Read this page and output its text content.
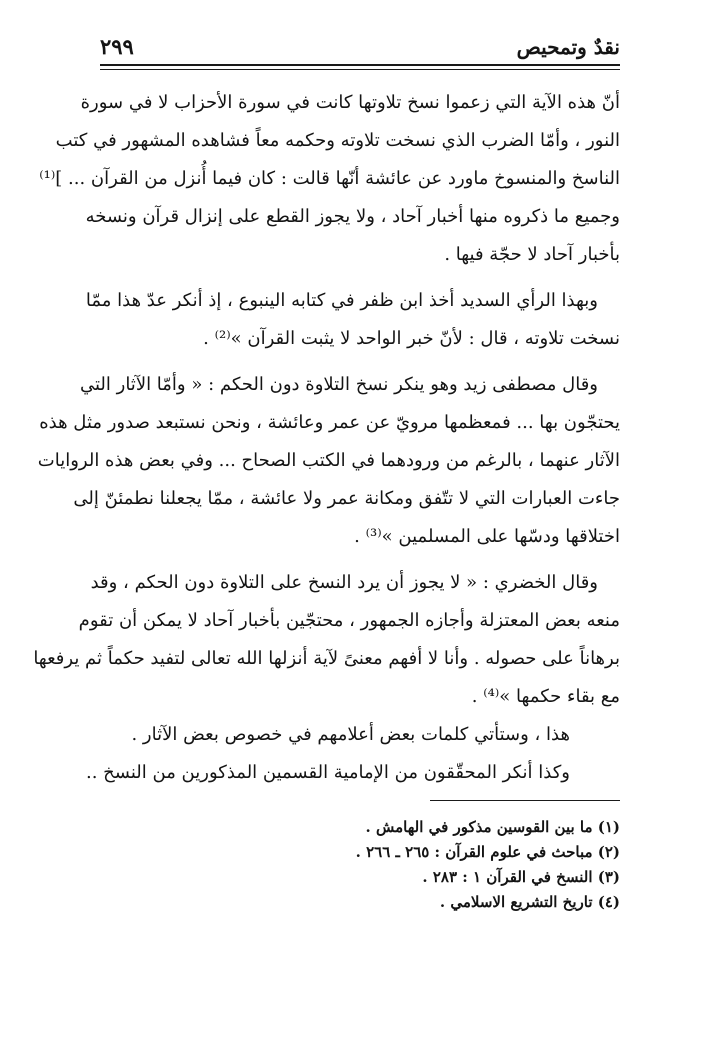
نقدٌ وتمحيص
٢٩٩
أنّ هذه الآية التي زعموا نسخ تلاوتها كانت في سورة الأحزاب لا في سورة
النور ، وأمّا الضرب الذي نسخت تلاوته وحكمه معاً فشاهده المشهور في كتب
الناسخ والمنسوخ ماورد عن عائشة أنّها قالت : كان فيما أُنزل من القرآن ... ]⁽¹⁾
وجميع ما ذكروه منها أخبار آحاد ، ولا يجوز القطع على إنزال قرآن ونسخه
بأخبار آحاد لا حجّة فيها .
وبهذا الرأي السديد أخذ ابن ظفر في كتابه الينبوع ، إذ أنكر عدّ هذا ممّا
نسخت تلاوته ، قال : لأنّ خبر الواحد لا يثبت القرآن »⁽²⁾ .
وقال مصطفى زيد وهو ينكر نسخ التلاوة دون الحكم : « وأمّا الآثار التي
يحتجّون بها ... فمعظمها مرويّ عن عمر وعائشة ، ونحن نستبعد صدور مثل هذه
الآثار عنهما ، بالرغم من ورودهما في الكتب الصحاح ... وفي بعض هذه الروايات
جاءت العبارات التي لا تتّفق ومكانة عمر ولا عائشة ، ممّا يجعلنا نطمئنّ إلى
اختلاقها ودسّها على المسلمين »⁽³⁾ .
وقال الخضري : « لا يجوز أن يرد النسخ على التلاوة دون الحكم ، وقد
منعه بعض المعتزلة وأجازه الجمهور ، محتجّين بأخبار آحاد لا يمكن أن تقوم
برهاناً على حصوله . وأنا لا أفهم معنىً لآية أنزلها الله تعالى لتفيد حكماً ثم يرفعها
مع بقاء حكمها »⁽⁴⁾ .
هذا ، وستأتي كلمات بعض أعلامهم في خصوص بعض الآثار .
وكذا أنكر المحقّقون من الإمامية القسمين المذكورين من النسخ ..
(١) ما بين القوسين مذكور في الهامش .
(٢) مباحث في علوم القرآن : ٢٦٥ ـ ٢٦٦ .
(٣) النسخ في القرآن ١ : ٢٨٣ .
(٤) تاريخ التشريع الاسلامي .
